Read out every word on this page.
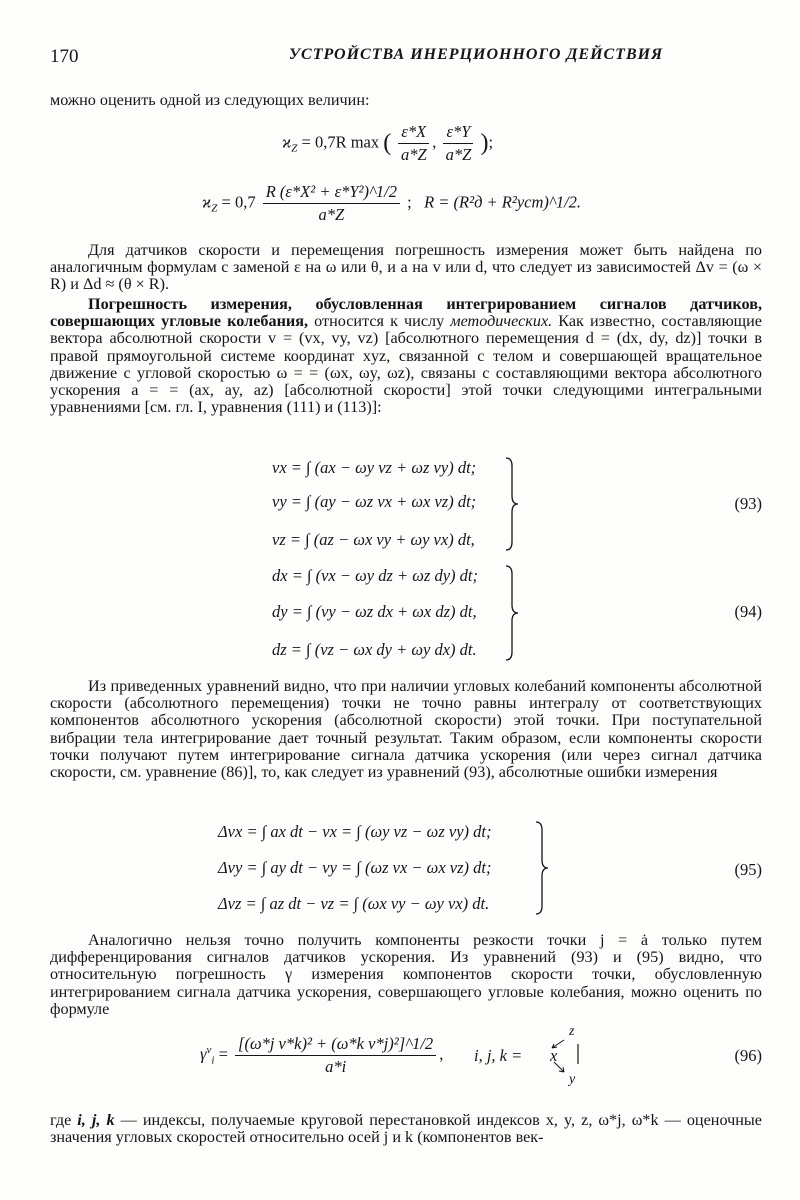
170	УСТРОЙСТВА ИНЕРЦИОННОГО ДЕЙСТВИЯ
можно оценить одной из следующих величин:
$ϰ_Z = 0,7R$ max ( $\frac{\varepsilon*X}{a*Z}$ , $\frac{\varepsilon*Y}{a*Z}$ );
$ϰ_Z = 0,7 \frac{\text{R (ε*X² + ε*Y²)\textasciicircum{}1/2}}{a*Z}$ ; R = (R²д + R²уст)^1/2.
Для датчиков скорости и перемещения погрешность измерения может быть найдена по аналогичным формулам с заменой ε на ω или θ, и a на v или d, что следует из зависимостей Δv = (ω × R) и Δd ≈ (θ × R).
Погрешность измерения, обусловленная интегрированием сигналов датчиков, совершающих угловые колебания, относится к числу методических. Как известно, составляющие вектора абсолютной скорости v = (vx, vy, vz) [абсолютного перемещения d = (dx, dy, dz)] точки в правой прямоугольной системе координат xyz, связанной с телом и совершающей вращательное движение с угловой скоростью ω = = (ωx, ωy, ωz), связаны с составляющими вектора абсолютного ускорения a = = (ax, ay, az) [абсолютной скорости] этой точки следующими интегральными уравнениями [см. гл. I, уравнения (111) и (113)]:
vx = ∫ (ax − ωy vz + ωz vy) dt;
vy = ∫ (ay − ωz vx + ωx vz) dt;
vz = ∫ (az − ωx vy + ωy vx) dt,
(93)
dx = ∫ (vx − ωy dz + ωz dy) dt;
dy = ∫ (vy − ωz dx + ωx dz) dt,
dz = ∫ (vz − ωx dy + ωy dx) dt.
(94)
Из приведенных уравнений видно, что при наличии угловых колебаний компоненты абсолютной скорости (абсолютного перемещения) точки не точно равны интегралу от соответствующих компонентов абсолютного ускорения (абсолютной скорости) этой точки. При поступательной вибрации тела интегрирование дает точный результат. Таким образом, если компоненты скорости точки получают путем интегрирование сигнала датчика ускорения (или через сигнал датчика скорости, см. уравнение (86)], то, как следует из уравнений (93), абсолютные ошибки измерения
Δvx = ∫ ax dt − vx = ∫ (ωy vz − ωz vy) dt;
Δvy = ∫ ay dt − vy = ∫ (ωz vx − ωx vz) dt;
Δvz = ∫ az dt − vz = ∫ (ωx vy − ωy vx) dt.
(95)
Аналогично нельзя точно получить компоненты резкости точки j = ȧ только путем дифференцирования сигналов датчиков ускорения. Из уравнений (93) и (95) видно, что относительную погрешность γ измерения компонентов скорости точки, обусловленную интегрированием сигнала датчика ускорения, совершающего угловые колебания, можно оценить по формуле
$\gamma^v_i = \frac{\text{[(ω*j v*k)² + (ω*k v*j)²]\textasciicircum{}1/2}}{a*i}$ , i, j, k =
z
x
y
(96)
где i, j, k — индексы, получаемые круговой перестановкой индексов x, y, z, ω*j, ω*k — оценочные значения угловых скоростей относительно осей j и k (компонентов век-
